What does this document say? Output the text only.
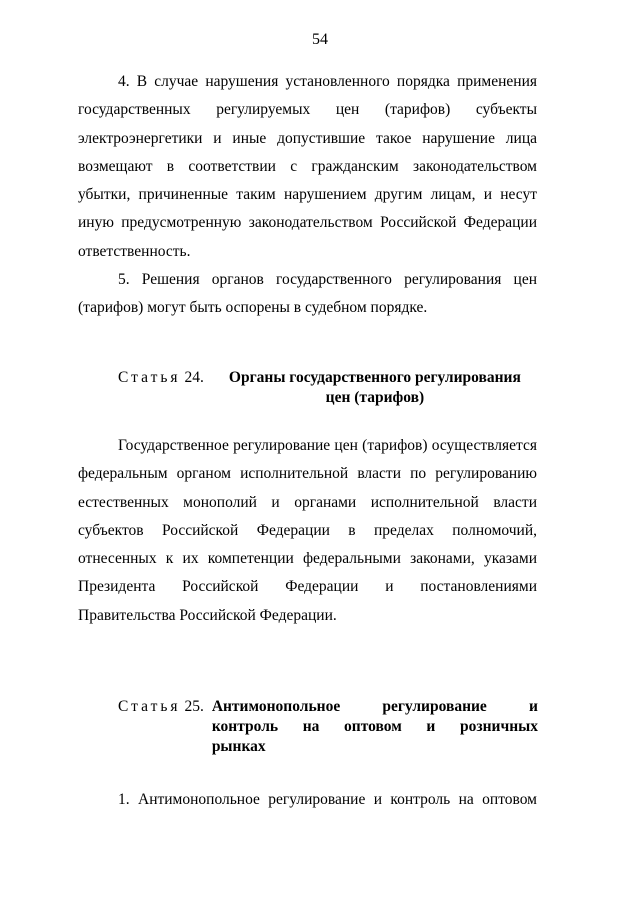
54

4. В случае нарушения установленного порядка применения государственных регулируемых цен (тарифов) субъекты электроэнергетики и иные допустившие такое нарушение лица возмещают в соответствии с гражданским законодательством убытки, причиненные таким нарушением другим лицам, и несут иную предусмотренную законодательством Российской Федерации ответственность.

5. Решения органов государственного регулирования цен (тарифов) могут быть оспорены в судебном порядке.

Статья 24.	Органы государственного регулирования
цен (тарифов)

Государственное регулирование цен (тарифов) осуществляется федеральным органом исполнительной власти по регулированию естественных монополий и органами исполнительной власти субъектов Российской Федерации в пределах полномочий, отнесенных к их компетенции федеральными законами, указами Президента Российской Федерации и постановлениями Правительства Российской Федерации.

Статья 25. Антимонопольное регулирование и
контроль на оптовом и розничных
рынках

1. Антимонопольное регулирование и контроль на оптовом
